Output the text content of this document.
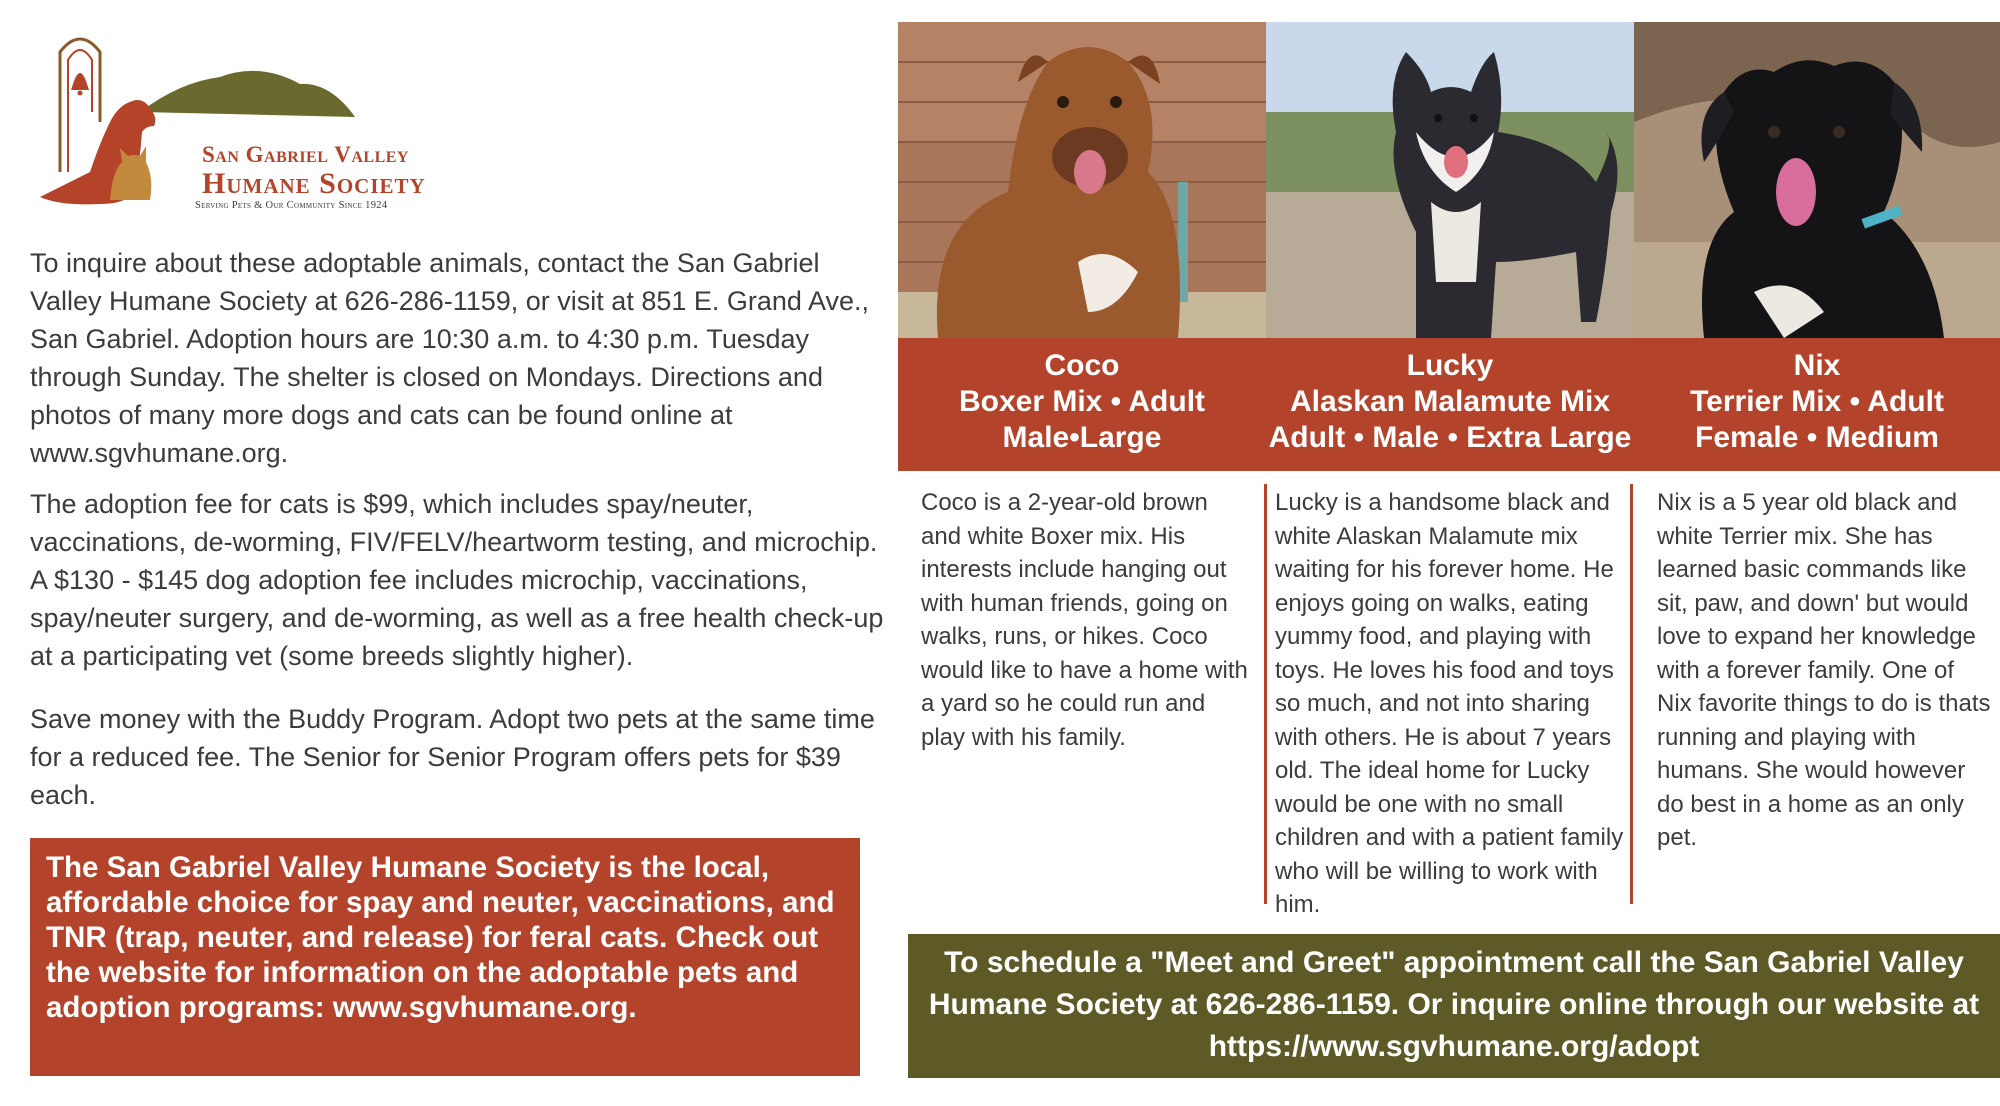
San Gabriel Valley
Humane Society
Serving Pets & Our Community Since 1924

To inquire about these adoptable animals, contact the San Gabriel Valley Humane Society at 626-286-1159, or visit at 851 E. Grand Ave., San Gabriel. Adoption hours are 10:30 a.m. to 4:30 p.m. Tuesday through Sunday. The shelter is closed on Mondays. Directions and photos of many more dogs and cats can be found online at www.sgvhumane.org.

The adoption fee for cats is $99, which includes spay/neuter, vaccinations, de-worming, FIV/FELV/heartworm testing, and microchip. A $130 - $145 dog adoption fee includes microchip, vaccinations, spay/neuter surgery, and de-worming, as well as a free health check-up at a participating vet (some breeds slightly higher).

Save money with the Buddy Program. Adopt two pets at the same time for a reduced fee. The Senior for Senior Program offers pets for $39 each.

The San Gabriel Valley Humane Society is the local, affordable choice for spay and neuter, vaccinations, and TNR (trap, neuter, and release) for feral cats. Check out the website for information on the adoptable pets and adoption programs: www.sgvhumane.org.
Coco
Boxer Mix • Adult
Male•Large
Lucky
Alaskan Malamute Mix
Adult • Male • Extra Large
Nix
Terrier Mix • Adult
Female • Medium

Coco is a 2-year-old brown and white Boxer mix. His interests include hanging out with human friends, going on walks, runs, or hikes. Coco would like to have a home with a yard so he could run and play with his family.

Lucky is a handsome black and white Alaskan Malamute mix waiting for his forever home. He enjoys going on walks, eating yummy food, and playing with toys. He loves his food and toys so much, and not into sharing with others. He is about 7 years old. The ideal home for Lucky would be one with no small children and with a patient family who will be willing to work with him.

Nix is a 5 year old black and white Terrier mix. She has learned basic commands like sit, paw, and down' but would love to expand her knowledge with a forever family. One of Nix favorite things to do is thats running and playing with humans. She would however do best in a home as an only pet.

To schedule a "Meet and Greet" appointment call the San Gabriel Valley Humane Society at 626-286-1159. Or inquire online through our website at https://www.sgvhumane.org/adopt
